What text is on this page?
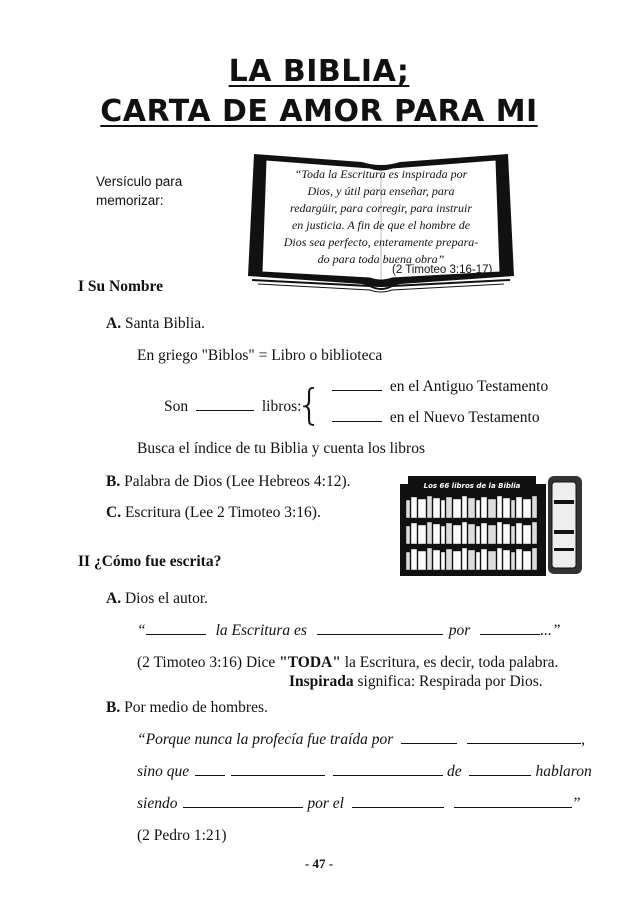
LA BIBLIA;
CARTA DE AMOR PARA MI
Versículo para
memorizar:
“Toda la Escritura es inspirada por
Dios, y útil para enseñar, para
redargüir, para corregir, para instruir
en justicia. A fin de que el hombre de
Dios sea perfecto, enteramente prepara-
do para toda buena obra”
(2 Timoteo 3:16-17)
I Su Nombre
A. Santa Biblia.
En griego "Biblos" = Libro o biblioteca
Son	libros:
{	en el Antiguo Testamento
en el Nuevo Testamento
Busca el índice de tu Biblia y cuenta los libros
B. Palabra de Dios (Lee Hebreos 4:12).
C. Escritura (Lee 2 Timoteo 3:16).
Los 66 libros de la Biblia
II ¿Cómo fue escrita?
A. Dios el autor.
“	la Escritura es	por	...”
(2 Timoteo 3:16) Dice "TODA" la Escritura, es decir, toda palabra.
Inspirada significa: Respirada por Dios.
B. Por medio de hombres.
“Porque nunca la profecía fue traída por	,
sino que	de	hablaron
siendo	por el	”
(2 Pedro 1:21)
- 47 -
